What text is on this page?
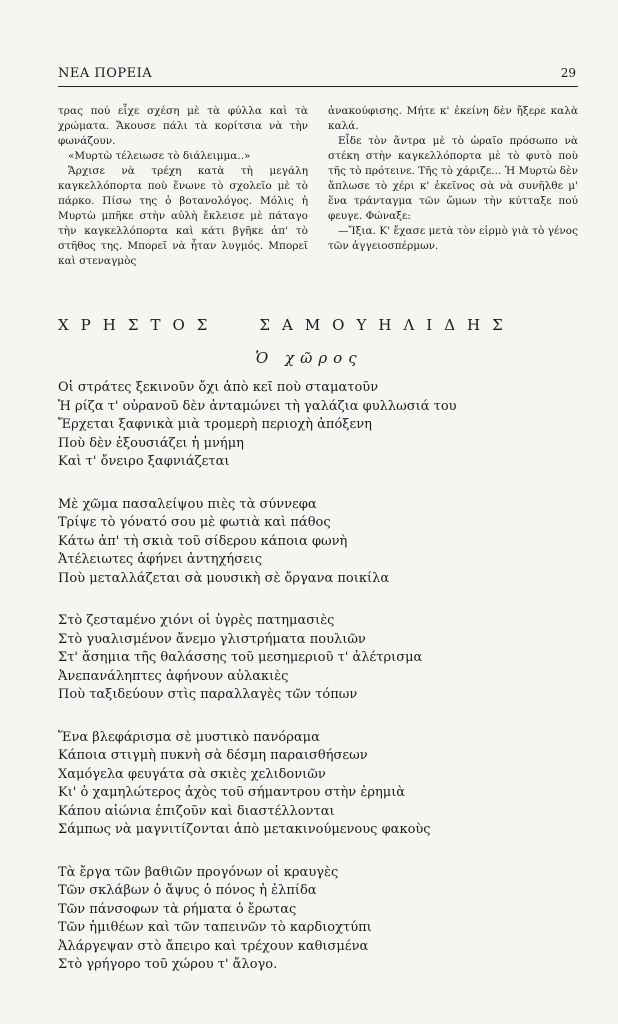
ΝΕΑ ΠΟΡΕΙΑ	29

τρας πού εἶχε σχέση μὲ τὰ φύλλα καὶ τὰ χρώματα. Ἄκουσε πάλι τὰ κορίτσια νὰ τὴν φωνάζουν.

«Μυρτὼ τέλειωσε τὸ διάλειμμα..»

Ἄρχισε νὰ τρέχη κατὰ τὴ μεγάλη καγκελλόπορτα ποὺ ἕνωνε τὸ σχολεῖο μὲ τὸ πάρκο. Πίσω της ὁ βοτανολόγος. Μόλις ἡ Μυρτὼ μπῆκε στὴν αὐλὴ ἔκλεισε μὲ πάταγο τὴν καγκελλόπορτα καὶ κάτι βγῆκε ἀπ' τὸ στῆθος της. Μπορεῖ νὰ ἦταν λυγμός. Μπορεῖ καὶ στεναγμὸς

ἀνακούφισης. Μήτε κ' ἐκείνη δὲν ἤξερε καλὰ καλά.

Εἶδε τὸν ἄντρα μὲ τὸ ὡραῖο πρόσωπο νὰ στέκη στὴν καγκελλόπορτα μὲ τὸ φυτὸ ποὺ τῆς τὸ πρότεινε. Τῆς τὸ χάριζε... Ἡ Μυρτὼ δὲν ἅπλωσε τὸ χέρι κ' ἐκεῖνος σὰ νὰ συνῆλθε μ' ἕνα τράνταγμα τῶν ὤμων τὴν κύτταξε πού φευγε. Φώναξε:

—Ἴξια. Κ' ἔχασε μετὰ τὸν εἱρμὸ γιὰ τὸ γένος τῶν ἀγγειοσπέρμων.

ΧΡΗΣΤΟΣ	ΣΑΜΟΥΗΛΙΔΗΣ
Ὁ χῶρος
Οἱ στράτες ξεκινοῦν ὄχι ἀπὸ κεῖ ποὺ σταματοῦν
Ἡ ρίζα τ' οὐρανοῦ δὲν ἀνταμώνει τὴ γαλάζια φυλλωσιά του
Ἔρχεται ξαφνικὰ μιὰ τρομερὴ περιοχὴ ἀπόξενη
Ποὺ δὲν ἐξουσιάζει ἡ μνήμη
Καὶ τ' ὄνειρο ξαφνιάζεται
Μὲ χῶμα πασαλείψου πιὲς τὰ σύννεφα
Τρίψε τὸ γόνατό σου μὲ φωτιὰ καὶ πάθος
Κάτω ἀπ' τὴ σκιὰ τοῦ σίδερου κάποια φωνὴ
Ἀτέλειωτες ἀφήνει ἀντηχήσεις
Ποὺ μεταλλάζεται σὰ μουσικὴ σὲ ὄργανα ποικίλα
Στὸ ζεσταμένο χιόνι οἱ ὑγρὲς πατημασιὲς
Στὸ γυαλισμένον ἄνεμο γλιστρήματα πουλιῶν
Στ' ἄσημια τῆς θαλάσσης τοῦ μεσημεριοῦ τ' ἀλέτρισμα
Ἀνεπανάληπτες ἀφήνουν αὐλακιὲς
Ποὺ ταξιδεύουν στὶς παραλλαγὲς τῶν τόπων
Ἕνα βλεφάρισμα σὲ μυστικὸ πανόραμα
Κάποια στιγμὴ πυκνὴ σὰ δέσμη παραισθήσεων
Χαμόγελα φευγάτα σὰ σκιὲς χελιδονιῶν
Κι' ὁ χαμηλώτερος ἀχὸς τοῦ σήμαντρου στὴν ἐρημιὰ
Κάπου αἰώνια ἐπιζοῦν καὶ διαστέλλονται
Σάμπως νὰ μαγνιτίζονται ἀπὸ μετακινούμενους φακοὺς
Τὰ ἔργα τῶν βαθιῶν προγόνων οἱ κραυγὲς
Τῶν σκλάβων ὁ ἄψυς ὁ πόνος ἡ ἐλπίδα
Τῶν πάνσοφων τὰ ρήματα ὁ ἔρωτας
Τῶν ἡμιθέων καὶ τῶν ταπεινῶν τὸ καρδιοχτύπι
Ἀλάργεψαν στὸ ἄπειρο καὶ τρέχουν καθισμένα
Στὸ γρήγορο τοῦ χώρου τ' ἄλογο.
